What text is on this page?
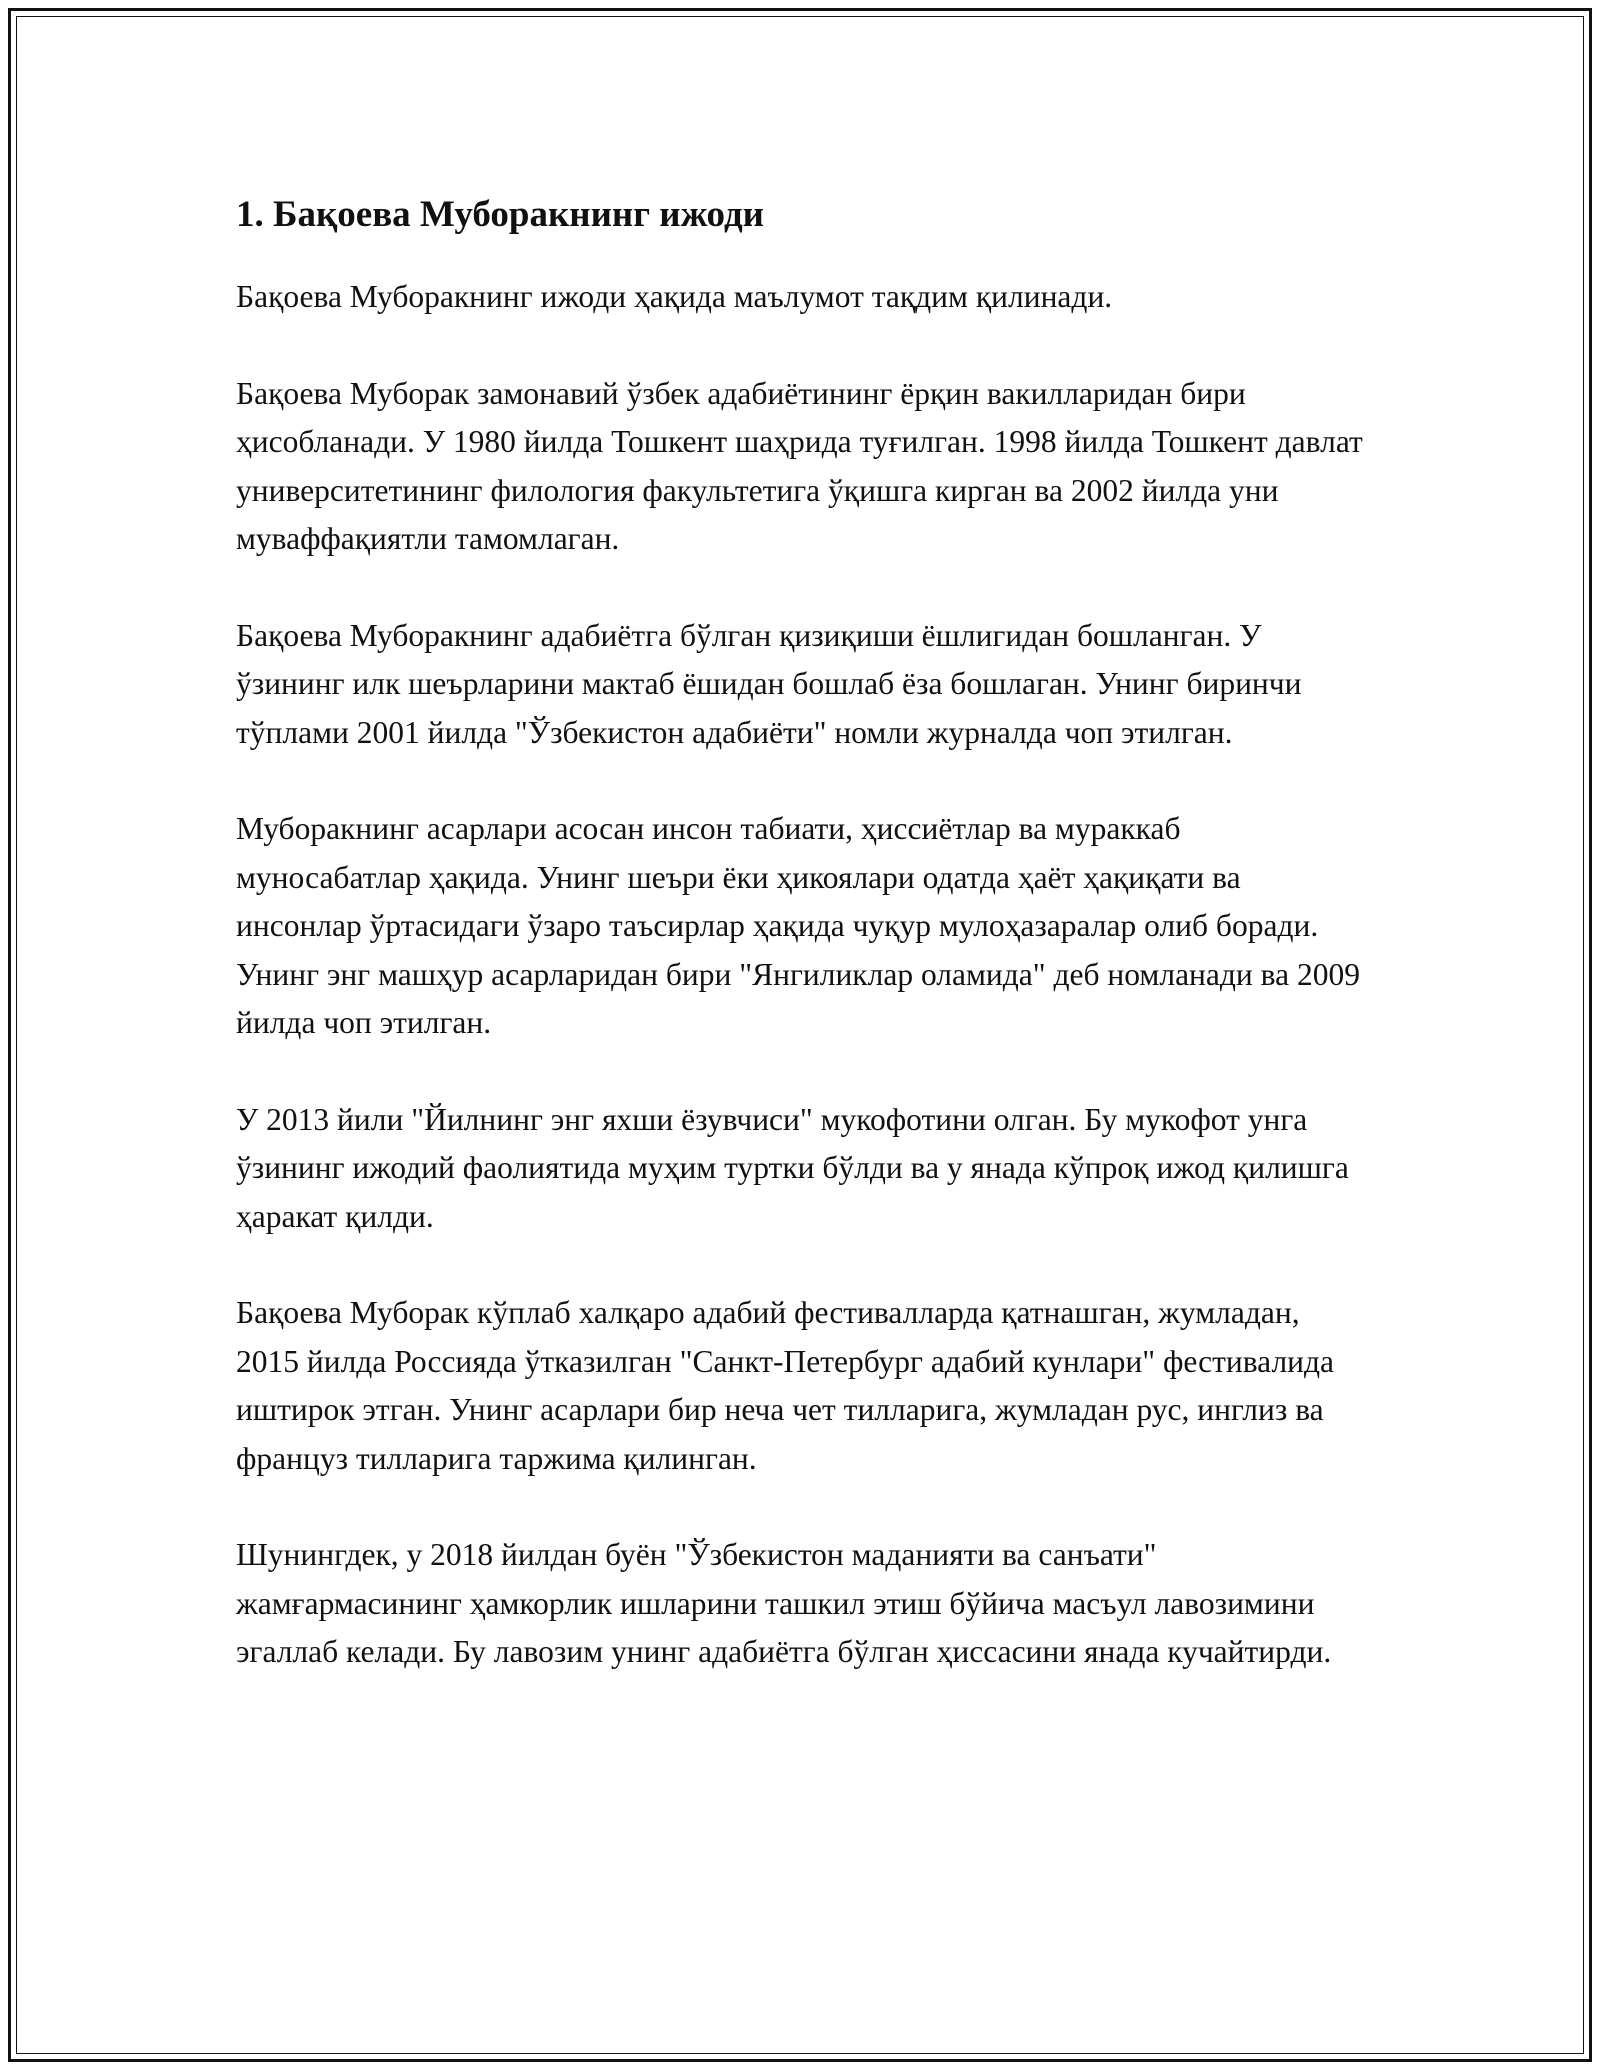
1. Бақоева Муборакнинг ижоди

Бақоева Муборакнинг ижоди ҳақида маълумот тақдим қилинади.

Бақоева Муборак замонавий ўзбек адабиётининг ёрқин вакилларидан бири ҳисобланади. У 1980 йилда Тошкент шаҳрида туғилган. 1998 йилда Тошкент давлат университетининг филология факультетига ўқишга кирган ва 2002 йилда уни муваффақиятли тамомлаган.

Бақоева Муборакнинг адабиётга бўлган қизиқиши ёшлигидан бошланган. У ўзининг илк шеърларини мактаб ёшидан бошлаб ёза бошлаган. Унинг биринчи тўплами 2001 йилда "Ўзбекистон адабиёти" номли журналда чоп этилган.

Муборакнинг асарлари асосан инсон табиати, ҳиссиётлар ва мураккаб муносабатлар ҳақида. Унинг шеъри ёки ҳикоялари одатда ҳаёт ҳақиқати ва инсонлар ўртасидаги ўзаро таъсирлар ҳақида чуқур мулоҳазаралар олиб боради. Унинг энг машҳур асарларидан бири "Янгиликлар оламида" деб номланади ва 2009 йилда чоп этилган.

У 2013 йили "Йилнинг энг яхши ёзувчиси" мукофотини олган. Бу мукофот унга ўзининг ижодий фаолиятида муҳим туртки бўлди ва у янада кўпроқ ижод қилишга ҳаракат қилди.

Бақоева Муборак кўплаб халқаро адабий фестивалларда қатнашган, жумладан, 2015 йилда Россияда ўтказилган "Санкт-Петербург адабий кунлари" фестивалида иштирок этган. Унинг асарлари бир неча чет тилларига, жумладан рус, инглиз ва француз тилларига таржима қилинган.

Шунингдек, у 2018 йилдан буён "Ўзбекистон маданияти ва санъати" жамғармасининг ҳамкорлик ишларини ташкил этиш бўйича масъул лавозимини эгаллаб келади. Бу лавозим унинг адабиётга бўлган ҳиссасини янада кучайтирди.
